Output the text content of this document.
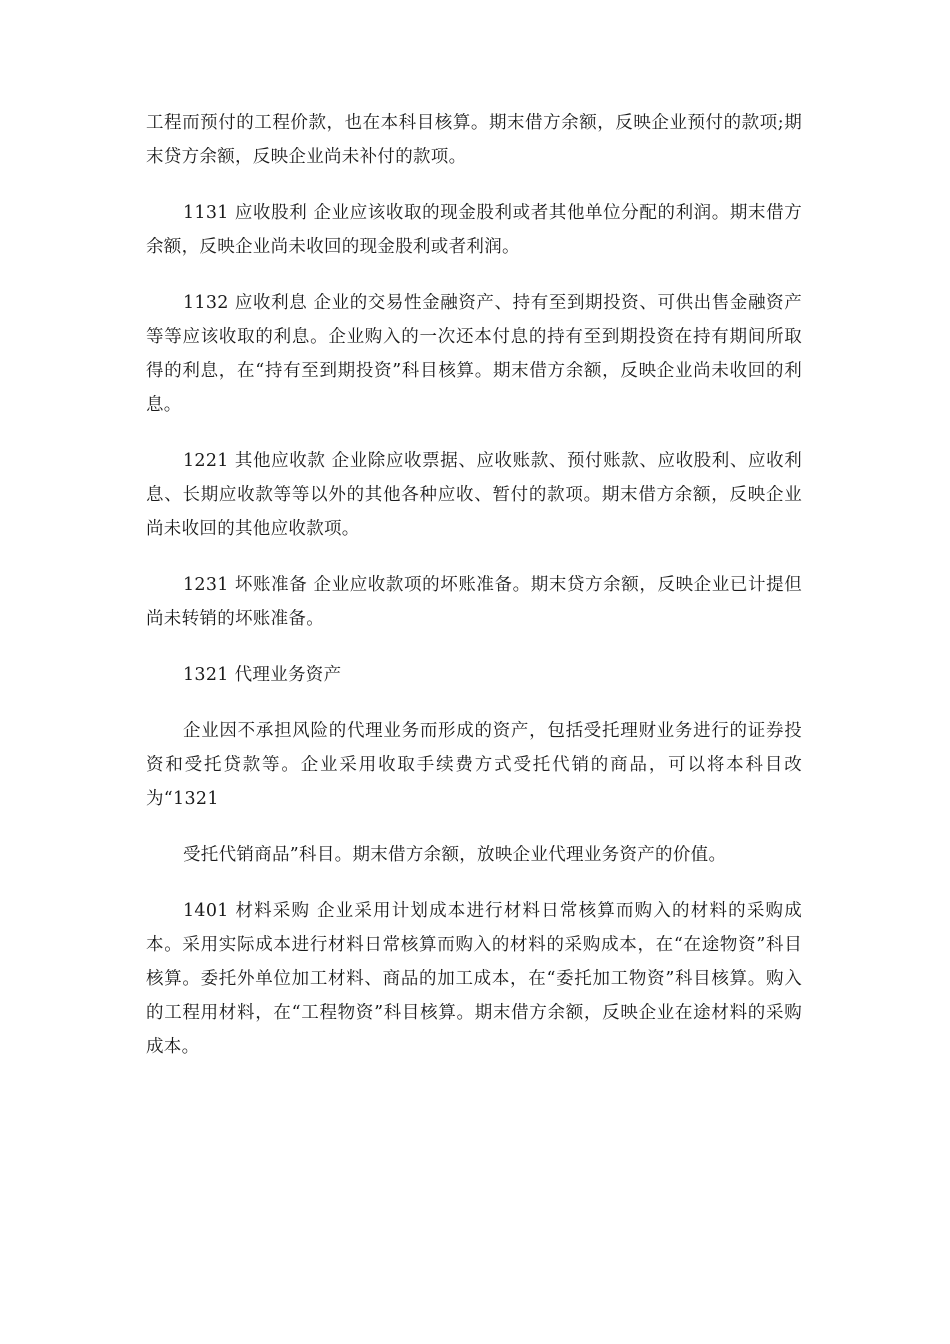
工程而预付的工程价款，也在本科目核算。期末借方余额，反映企业预付的款项;期末贷方余额，反映企业尚未补付的款项。

1131 应收股利 企业应该收取的现金股利或者其他单位分配的利润。期末借方余额，反映企业尚未收回的现金股利或者利润。

1132 应收利息 企业的交易性金融资产、持有至到期投资、可供出售金融资产等等应该收取的利息。企业购入的一次还本付息的持有至到期投资在持有期间所取得的利息，在“持有至到期投资”科目核算。期末借方余额，反映企业尚未收回的利息。

1221 其他应收款 企业除应收票据、应收账款、预付账款、应收股利、应收利息、长期应收款等等以外的其他各种应收、暂付的款项。期末借方余额，反映企业尚未收回的其他应收款项。

1231 坏账准备 企业应收款项的坏账准备。期末贷方余额，反映企业已计提但尚未转销的坏账准备。

1321 代理业务资产

企业因不承担风险的代理业务而形成的资产，包括受托理财业务进行的证券投资和受托贷款等。企业采用收取手续费方式受托代销的商品，可以将本科目改为“1321

受托代销商品”科目。期末借方余额，放映企业代理业务资产的价值。

1401 材料采购 企业采用计划成本进行材料日常核算而购入的材料的采购成本。采用实际成本进行材料日常核算而购入的材料的采购成本，在“在途物资”科目核算。委托外单位加工材料、商品的加工成本，在“委托加工物资”科目核算。购入的工程用材料，在“工程物资”科目核算。期末借方余额，反映企业在途材料的采购成本。
